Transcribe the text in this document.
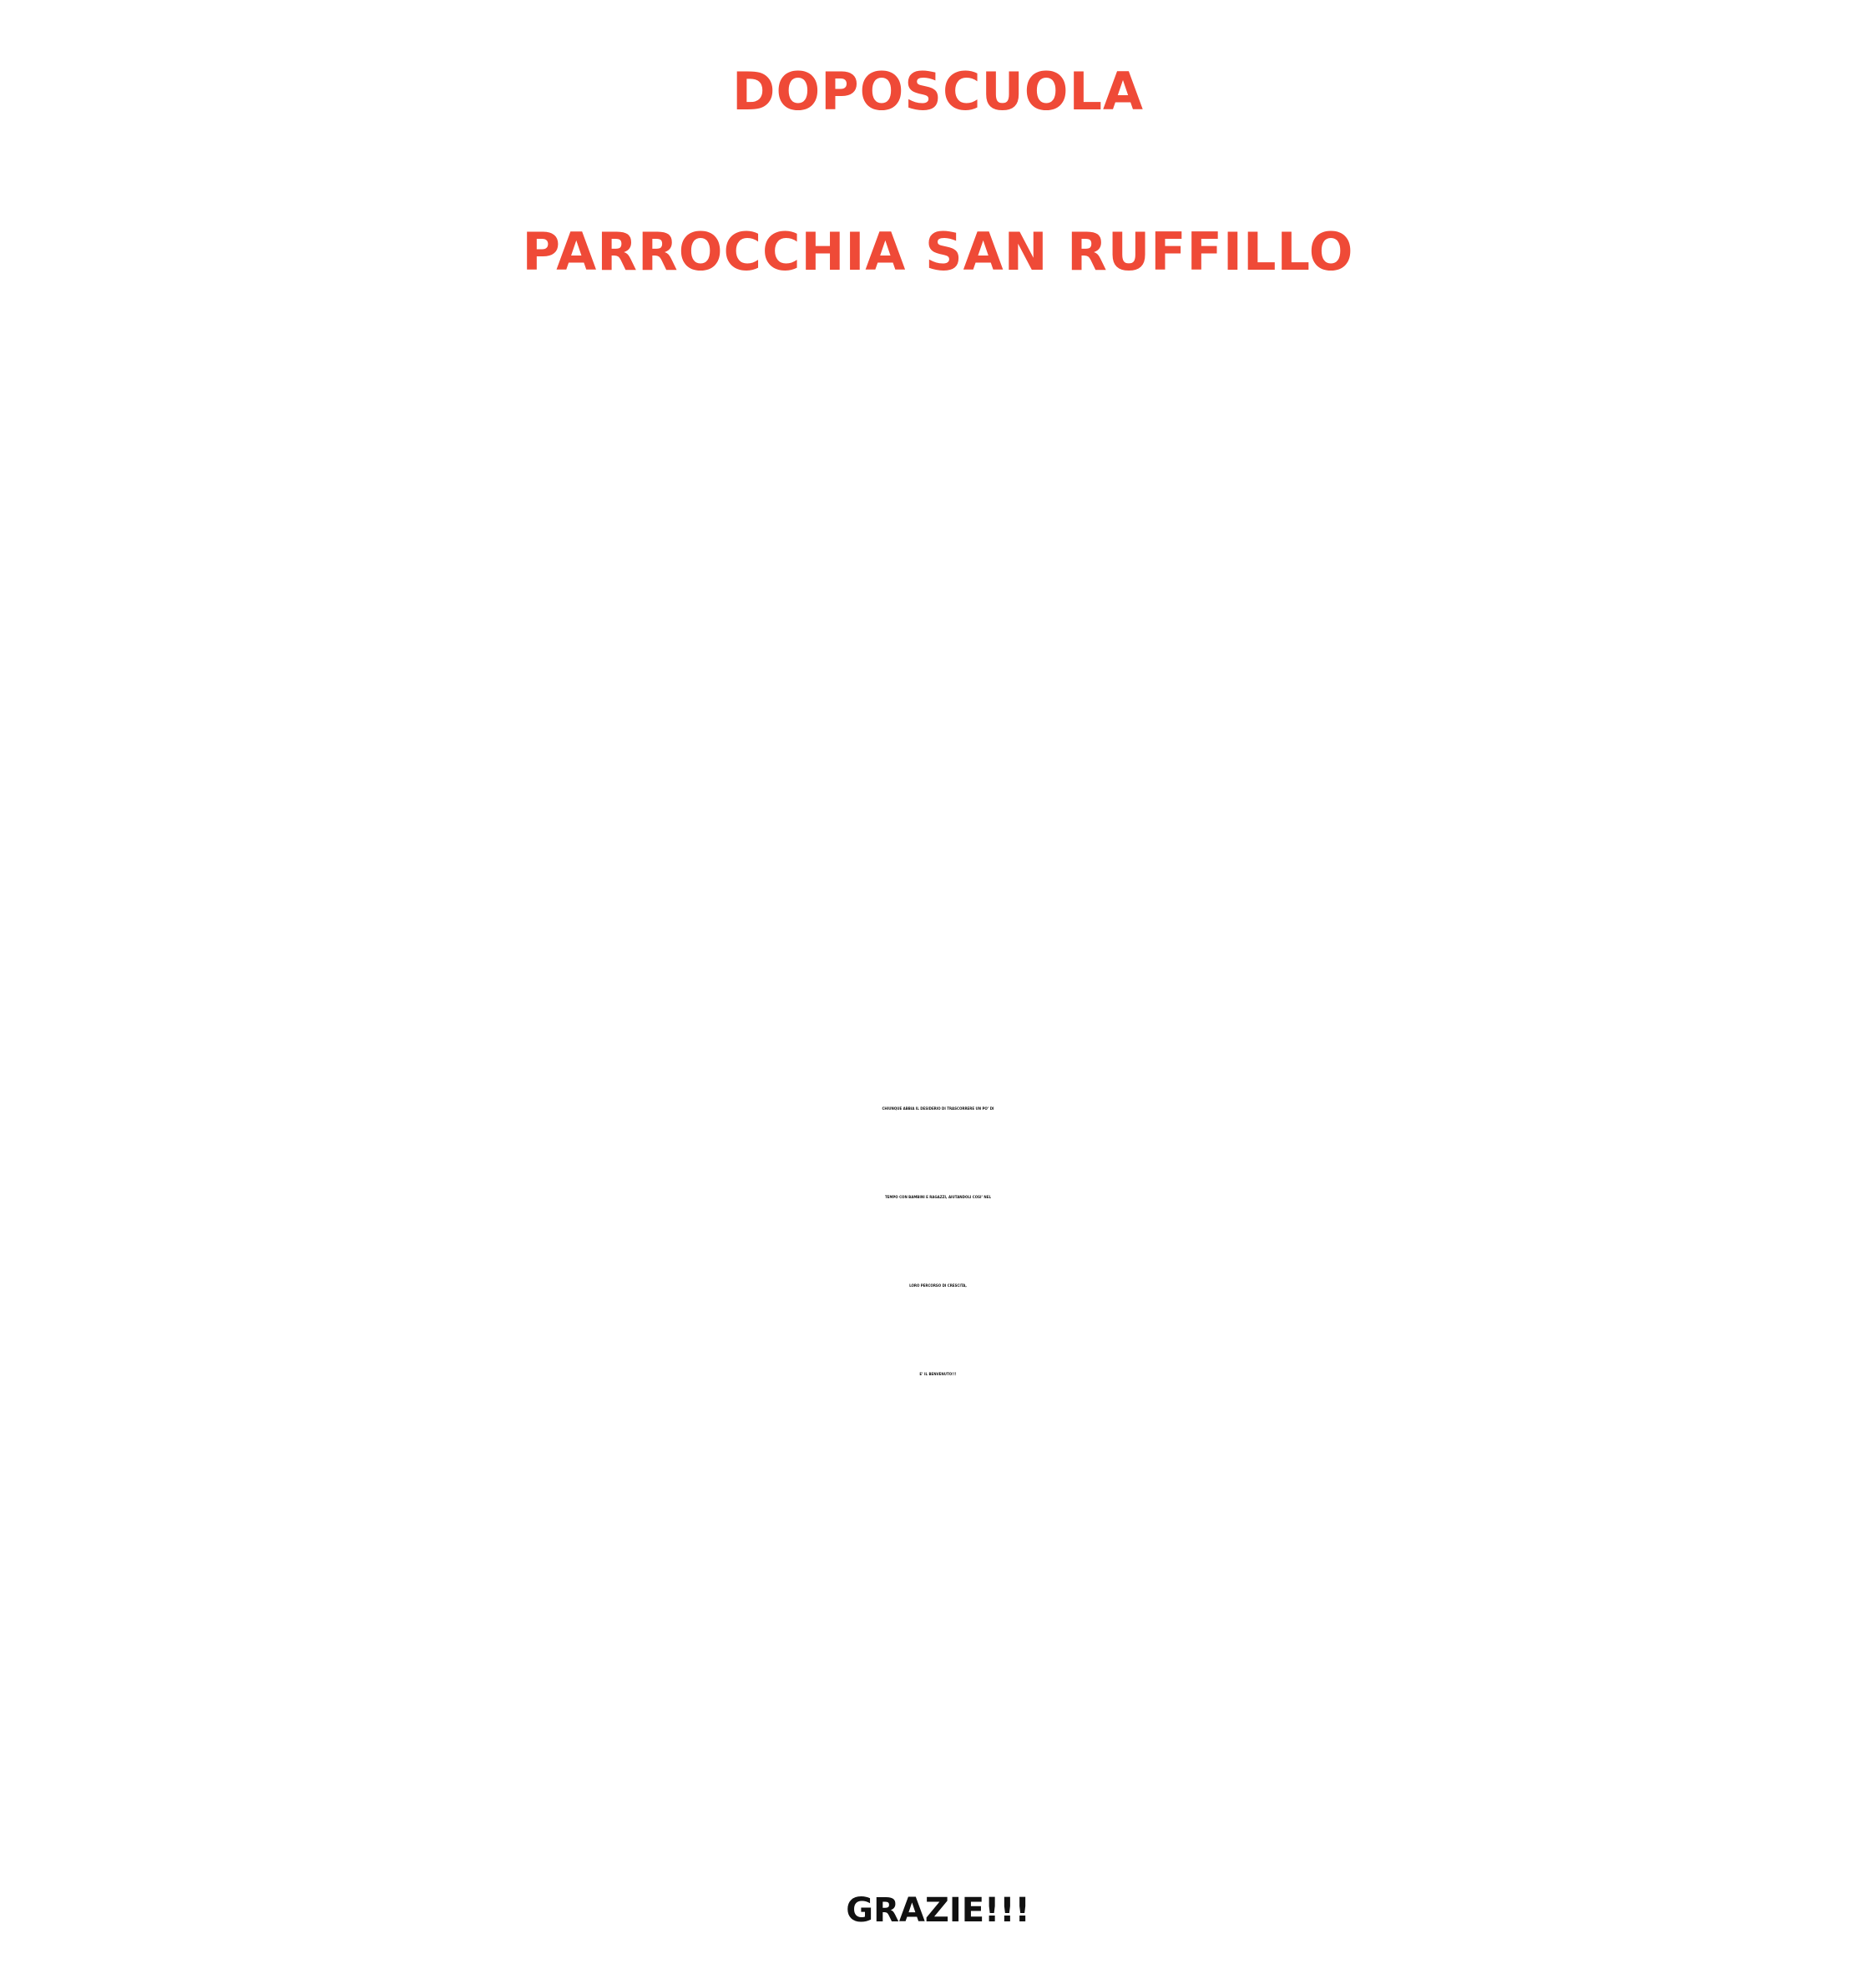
DOPOSCUOLA
PARROCCHIA SAN RUFFILLO
CHIUNQUE ABBIA IL DESIDERIO DI TRASCORRERE UN PO’ DI
TEMPO CON BAMBINI E RAGAZZI, AIUTANDOLI COSI’ NEL
LORO PERCORSO DI CRESCITA,
E’ IL BENVENUTO!!!
GRAZIE!!!
